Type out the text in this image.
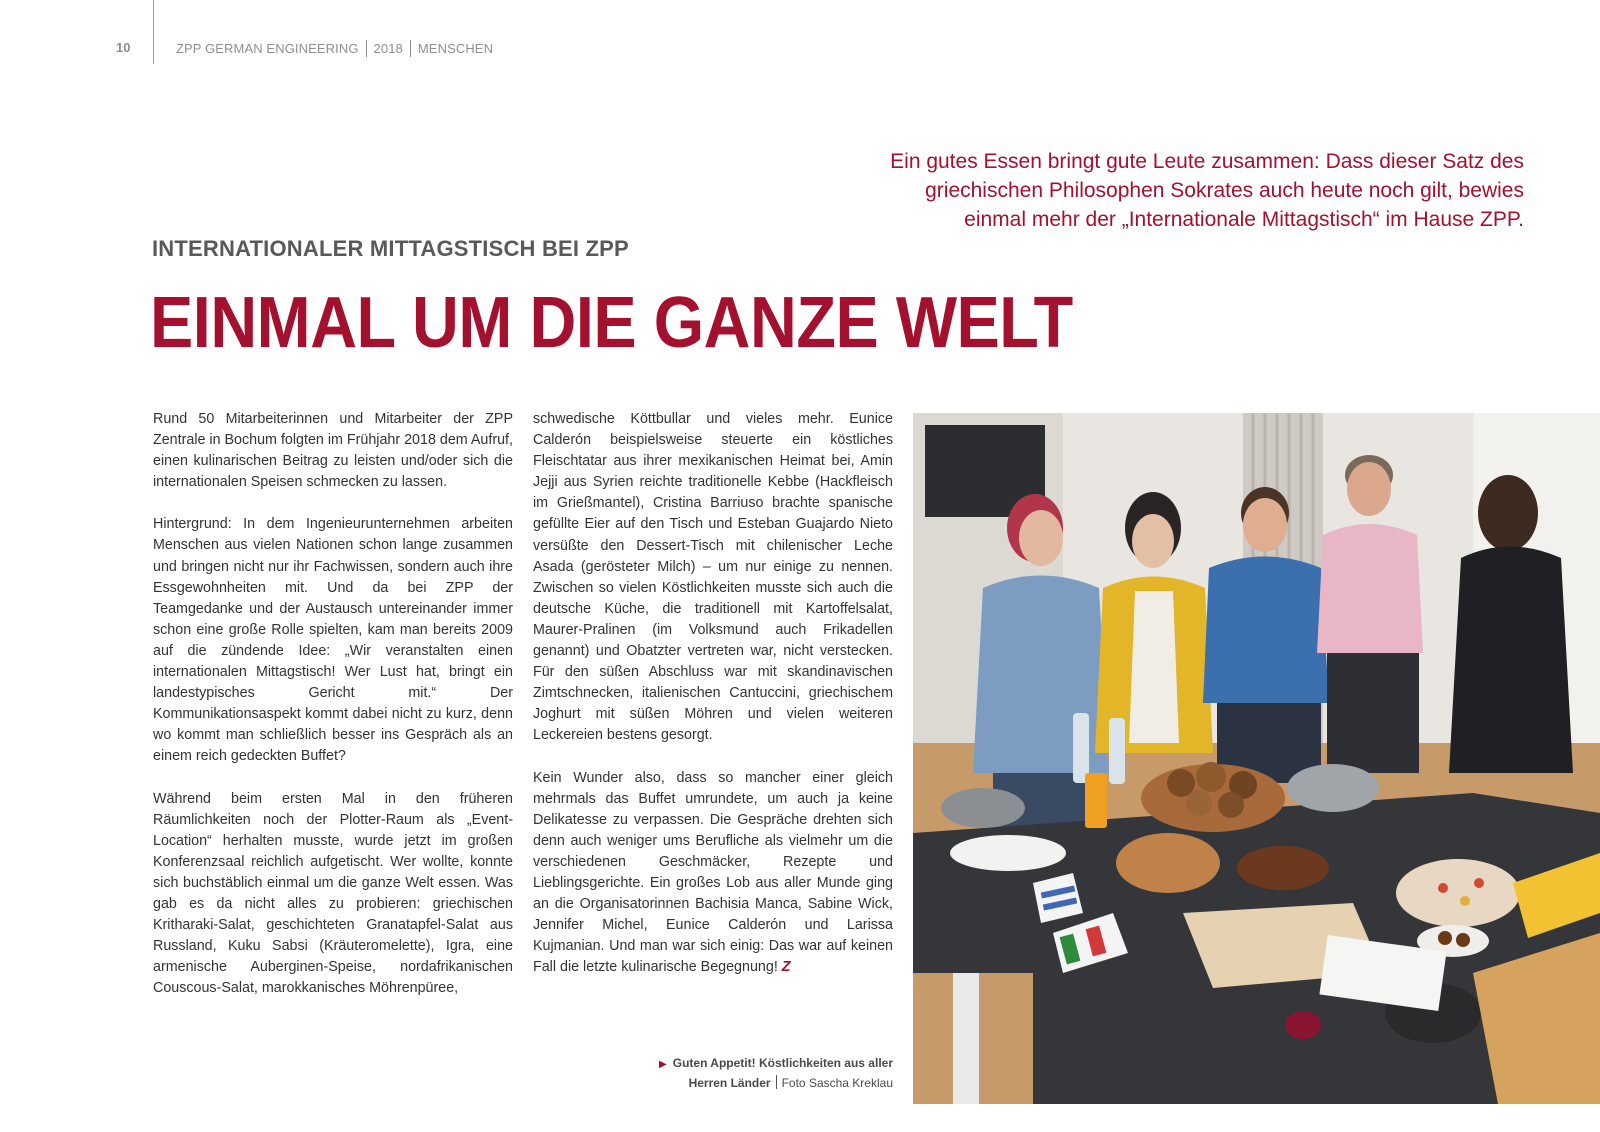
10	ZPP GERMAN ENGINEERING 2018 MENSCHEN
Ein gutes Essen bringt gute Leute zusammen: Dass dieser Satz des griechischen Philosophen Sokrates auch heute noch gilt, bewies einmal mehr der „Internationale Mittagstisch“ im Hause ZPP.
INTERNATIONALER MITTAGSTISCH BEI ZPP
EINMAL UM DIE GANZE WELT

Rund 50 Mitarbeiterinnen und Mitarbeiter der ZPP Zentrale in Bochum folgten im Frühjahr 2018 dem Aufruf, einen kulinarischen Beitrag zu leisten und/oder sich die internationalen Speisen schmecken zu lassen.

Hintergrund: In dem Ingenieurunternehmen arbeiten Menschen aus vielen Nationen schon lange zusammen und bringen nicht nur ihr Fachwissen, sondern auch ihre Essgewohnheiten mit. Und da bei ZPP der Teamgedanke und der Austausch untereinander immer schon eine große Rolle spielten, kam man bereits 2009 auf die zündende Idee: „Wir veranstalten einen internationalen Mittagstisch! Wer Lust hat, bringt ein landestypisches Gericht mit.“ Der Kommunikationsaspekt kommt dabei nicht zu kurz, denn wo kommt man schließlich besser ins Gespräch als an einem reich gedeckten Buffet?

Während beim ersten Mal in den früheren Räumlichkeiten noch der Plotter-Raum als „Event-Location“ herhalten musste, wurde jetzt im großen Konferenzsaal reichlich aufgetischt. Wer wollte, konnte sich buchstäblich einmal um die ganze Welt essen. Was gab es da nicht alles zu probieren: griechischen Kritharaki-Salat, geschichteten Granatapfel-Salat aus Russland, Kuku Sabsi (Kräuteromelette), Igra, eine armenische Auberginen-Speise, nordafrikanischen Couscous-Salat, marokkanisches Möhrenpüree,

schwedische Köttbullar und vieles mehr. Eunice Calderón beispielsweise steuerte ein köstliches Fleischtatar aus ihrer mexikanischen Heimat bei, Amin Jejji aus Syrien reichte traditionelle Kebbe (Hackfleisch im Grießmantel), Cristina Barriuso brachte spanische gefüllte Eier auf den Tisch und Esteban Guajardo Nieto versüßte den Dessert-Tisch mit chilenischer Leche Asada (gerösteter Milch) – um nur einige zu nennen. Zwischen so vielen Köstlichkeiten musste sich auch die deutsche Küche, die traditionell mit Kartoffelsalat, Maurer-Pralinen (im Volksmund auch Frikadellen genannt) und Obatzter vertreten war, nicht verstecken. Für den süßen Abschluss war mit skandinavischen Zimtschnecken, italienischen Cantuccini, griechischem Joghurt mit süßen Möhren und vielen weiteren Leckereien bestens gesorgt.

Kein Wunder also, dass so mancher einer gleich mehrmals das Buffet umrundete, um auch ja keine Delikatesse zu verpassen. Die Gespräche drehten sich denn auch weniger ums Berufliche als vielmehr um die verschiedenen Geschmäcker, Rezepte und Lieblingsgerichte. Ein großes Lob aus aller Munde ging an die Organisatorinnen Bachisia Manca, Sabine Wick, Jennifer Michel, Eunice Calderón und Larissa Kujmanian. Und man war sich einig: Das war auf keinen Fall die letzte kulinarische Begegnung! Z

▶ Guten Appetit! Köstlichkeiten aus aller Herren Länder Foto Sascha Kreklau
